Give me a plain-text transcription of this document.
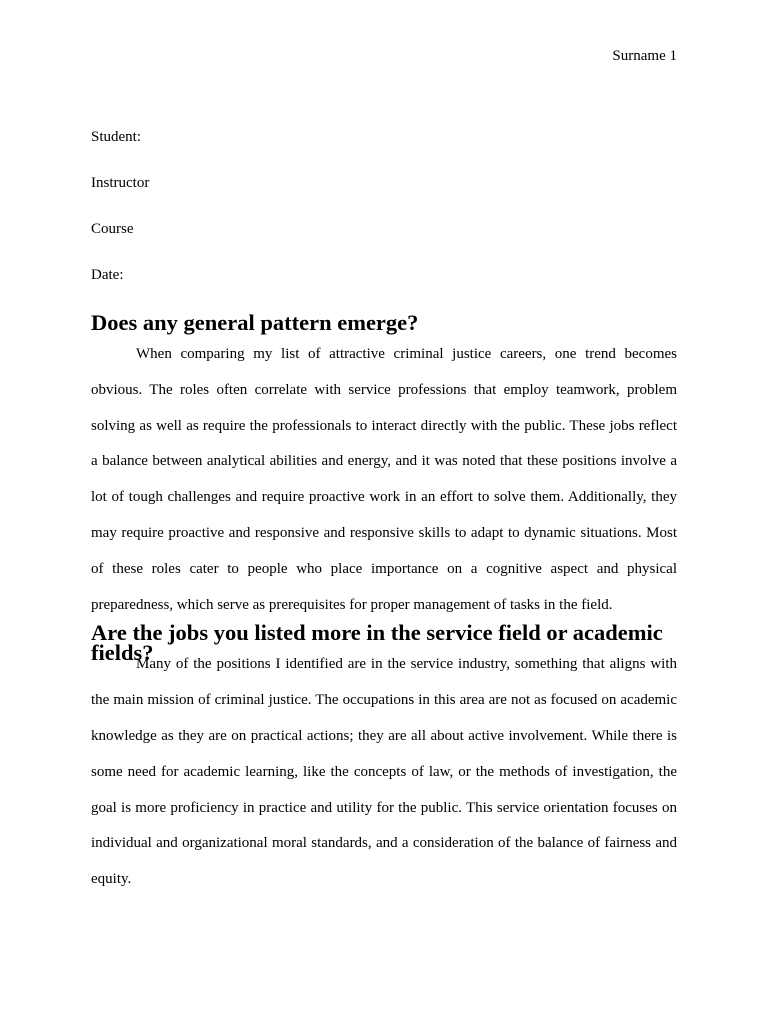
Surname 1

Student:

Instructor

Course

Date:

Does any general pattern emerge?

When comparing my list of attractive criminal justice careers, one trend becomes obvious. The roles often correlate with service professions that employ teamwork, problem solving as well as require the professionals to interact directly with the public. These jobs reflect a balance between analytical abilities and energy, and it was noted that these positions involve a lot of tough challenges and require proactive work in an effort to solve them. Additionally, they may require proactive and responsive and responsive skills to adapt to dynamic situations. Most of these roles cater to people who place importance on a cognitive aspect and physical preparedness, which serve as prerequisites for proper management of tasks in the field.

Are the jobs you listed more in the service field or academic fields?

Many of the positions I identified are in the service industry, something that aligns with the main mission of criminal justice. The occupations in this area are not as focused on academic knowledge as they are on practical actions; they are all about active involvement. While there is some need for academic learning, like the concepts of law, or the methods of investigation, the goal is more proficiency in practice and utility for the public. This service orientation focuses on individual and organizational moral standards, and a consideration of the balance of fairness and equity.
